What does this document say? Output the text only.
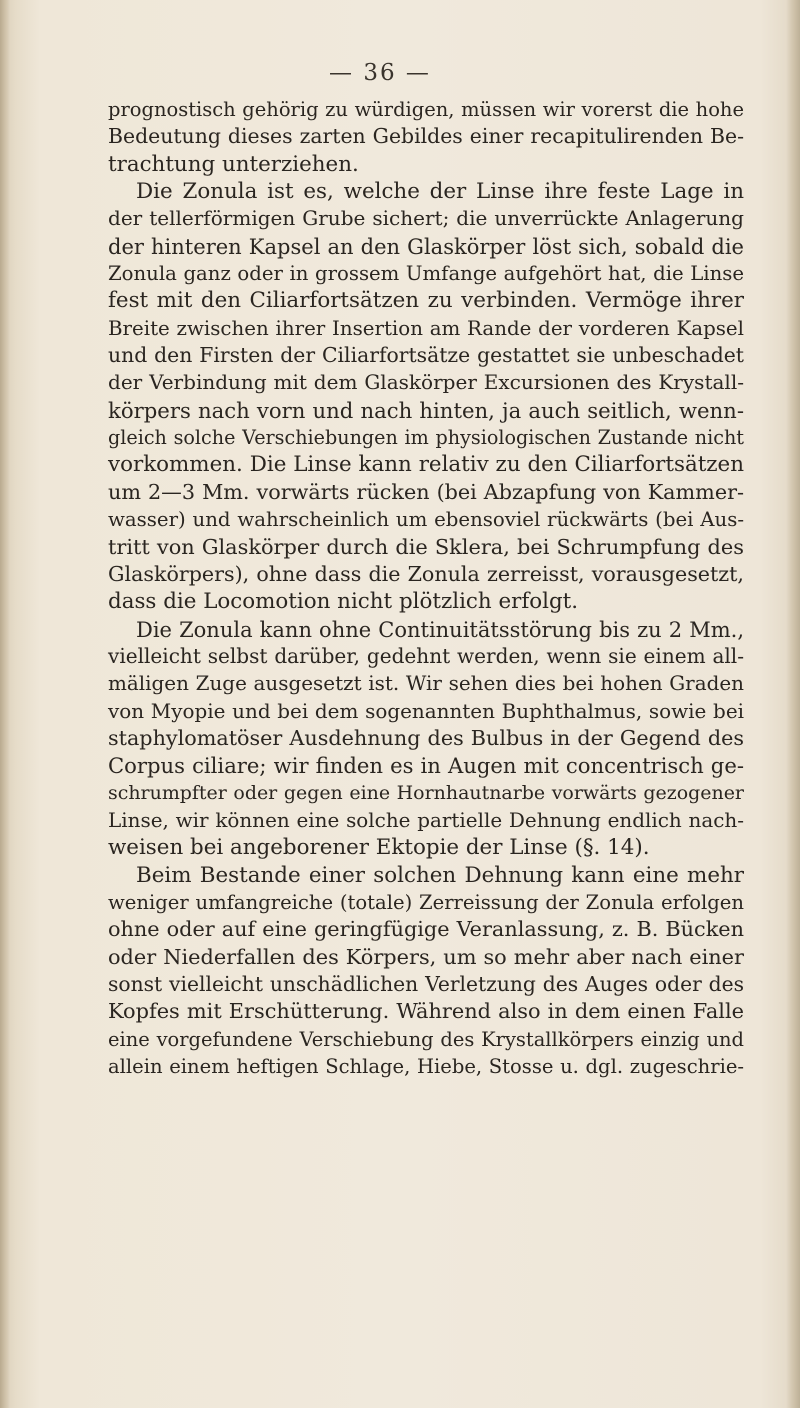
— 36 —
prognostisch gehörig zu würdigen, müssen wir vorerst die hohe
Bedeutung dieses zarten Gebildes einer recapitulirenden Be-
trachtung unterziehen.
Die Zonula ist es, welche der Linse ihre feste Lage in
der tellerförmigen Grube sichert; die unverrückte Anlagerung
der hinteren Kapsel an den Glaskörper löst sich, sobald die
Zonula ganz oder in grossem Umfange aufgehört hat, die Linse
fest mit den Ciliarfortsätzen zu verbinden. Vermöge ihrer
Breite zwischen ihrer Insertion am Rande der vorderen Kapsel
und den Firsten der Ciliarfortsätze gestattet sie unbeschadet
der Verbindung mit dem Glaskörper Excursionen des Krystall-
körpers nach vorn und nach hinten, ja auch seitlich, wenn-
gleich solche Verschiebungen im physiologischen Zustande nicht
vorkommen. Die Linse kann relativ zu den Ciliarfortsätzen
um 2—3 Mm. vorwärts rücken (bei Abzapfung von Kammer-
wasser) und wahrscheinlich um ebensoviel rückwärts (bei Aus-
tritt von Glaskörper durch die Sklera, bei Schrumpfung des
Glaskörpers), ohne dass die Zonula zerreisst, vorausgesetzt,
dass die Locomotion nicht plötzlich erfolgt.
Die Zonula kann ohne Continuitätsstörung bis zu 2 Mm.,
vielleicht selbst darüber, gedehnt werden, wenn sie einem all-
mäligen Zuge ausgesetzt ist. Wir sehen dies bei hohen Graden
von Myopie und bei dem sogenannten Buphthalmus, sowie bei
staphylomatöser Ausdehnung des Bulbus in der Gegend des
Corpus ciliare; wir finden es in Augen mit concentrisch ge-
schrumpfter oder gegen eine Hornhautnarbe vorwärts gezogener
Linse, wir können eine solche partielle Dehnung endlich nach-
weisen bei angeborener Ektopie der Linse (§. 14).
Beim Bestande einer solchen Dehnung kann eine mehr
weniger umfangreiche (totale) Zerreissung der Zonula erfolgen
ohne oder auf eine geringfügige Veranlassung, z. B. Bücken
oder Niederfallen des Körpers, um so mehr aber nach einer
sonst vielleicht unschädlichen Verletzung des Auges oder des
Kopfes mit Erschütterung. Während also in dem einen Falle
eine vorgefundene Verschiebung des Krystallkörpers einzig und
allein einem heftigen Schlage, Hiebe, Stosse u. dgl. zugeschrie-
